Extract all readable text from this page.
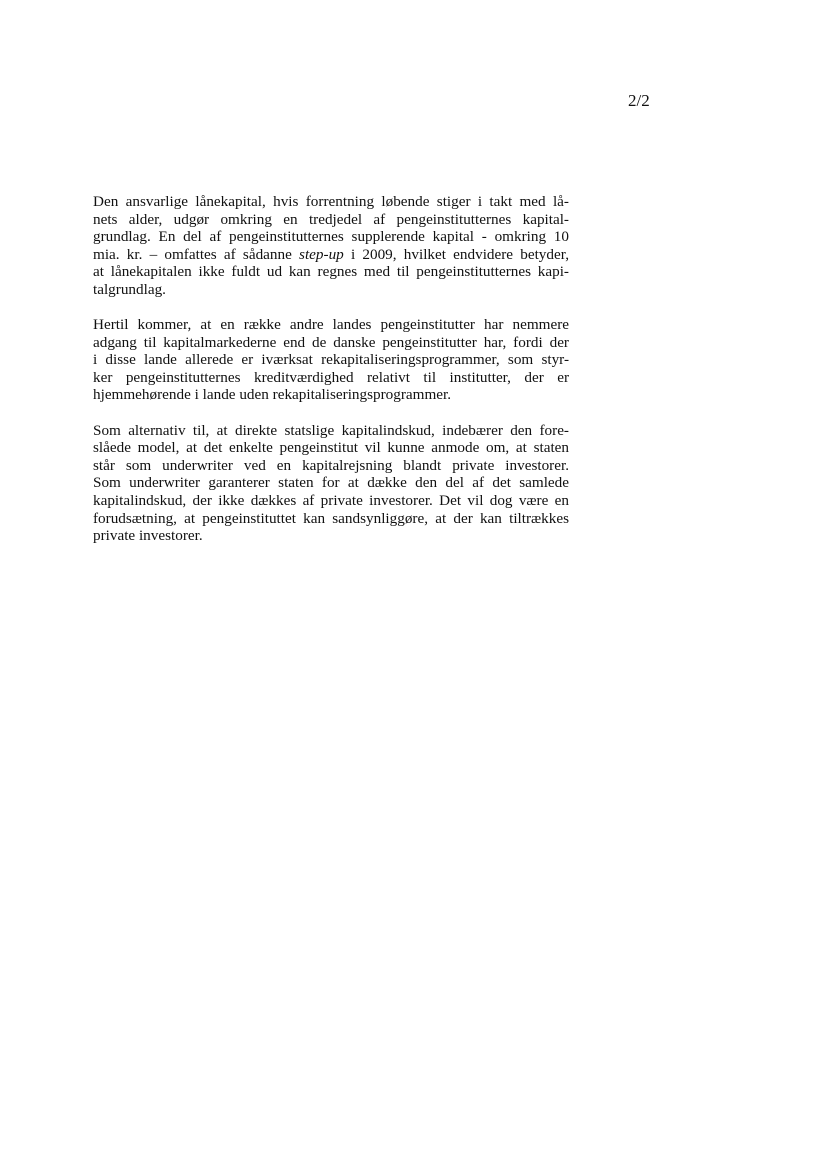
2/2

Den ansvarlige lånekapital, hvis forrentning løbende stiger i takt med lå-
nets alder, udgør omkring en tredjedel af pengeinstitutternes kapital-
grundlag. En del af pengeinstitutternes supplerende kapital - omkring 10
mia. kr. – omfattes af sådanne step-up i 2009, hvilket endvidere betyder,
at lånekapitalen ikke fuldt ud kan regnes med til pengeinstitutternes kapi-
talgrundlag.

Hertil kommer, at en række andre landes pengeinstitutter har nemmere
adgang til kapitalmarkederne end de danske pengeinstitutter har, fordi der
i disse lande allerede er iværksat rekapitaliseringsprogrammer, som styr-
ker pengeinstitutternes kreditværdighed relativt til institutter, der er
hjemmehørende i lande uden rekapitaliseringsprogrammer.

Som alternativ til, at direkte statslige kapitalindskud, indebærer den fore-
slåede model, at det enkelte pengeinstitut vil kunne anmode om, at staten
står som underwriter ved en kapitalrejsning blandt private investorer.
Som underwriter garanterer staten for at dække den del af det samlede
kapitalindskud, der ikke dækkes af private investorer. Det vil dog være en
forudsætning, at pengeinstituttet kan sandsynliggøre, at der kan tiltrækkes
private investorer.
